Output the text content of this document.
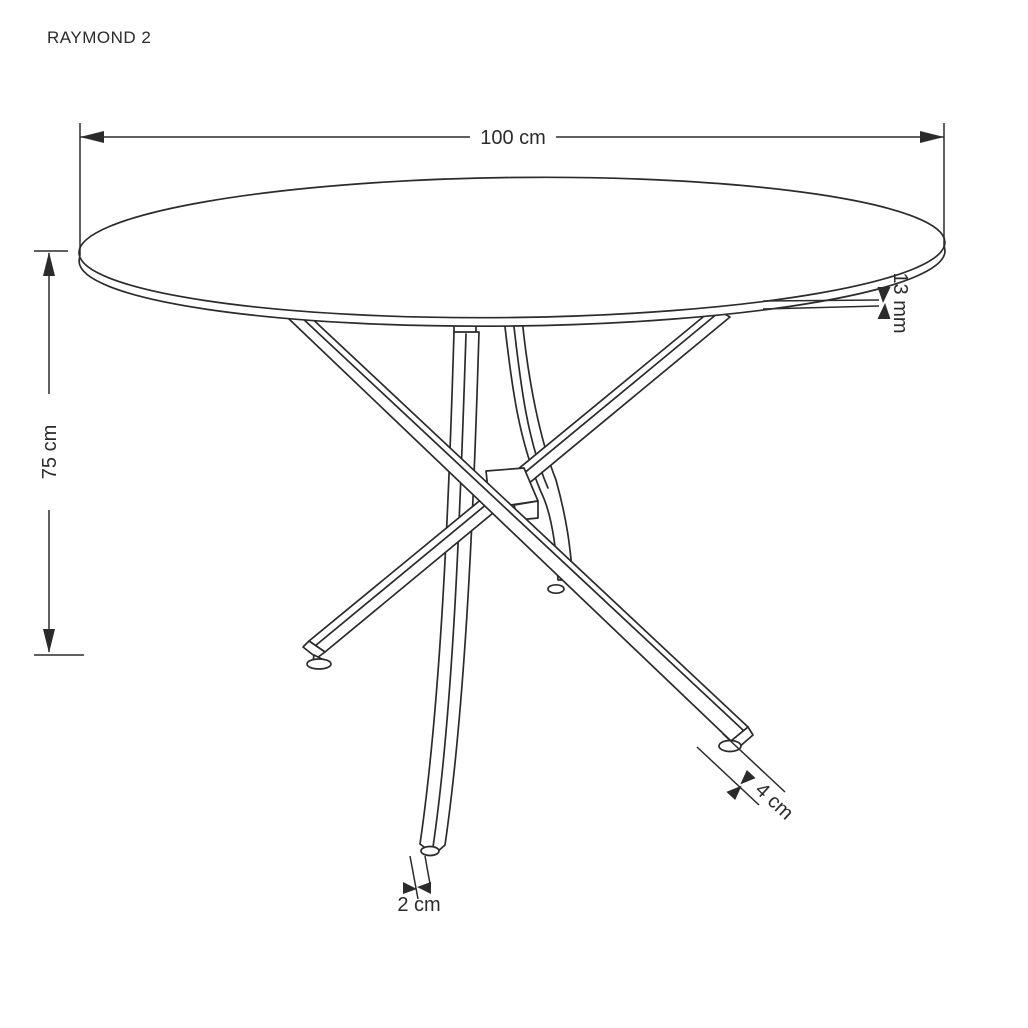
RAYMOND 2
100 cm
75 cm
13 mm
4 cm
2 cm
